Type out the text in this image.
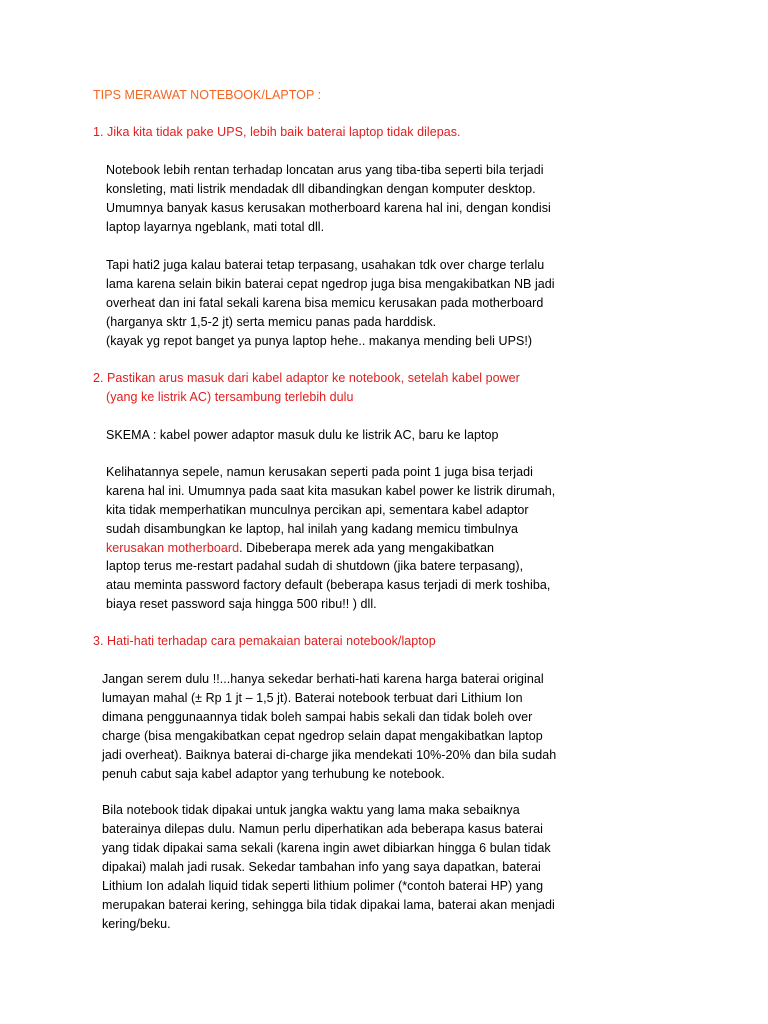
TIPS MERAWAT NOTEBOOK/LAPTOP :
1. Jika kita tidak pake UPS, lebih baik baterai laptop tidak dilepas.
Notebook lebih rentan terhadap loncatan arus yang tiba-tiba seperti bila terjadi
konsleting, mati listrik mendadak dll dibandingkan dengan komputer desktop.
Umumnya banyak kasus kerusakan motherboard karena hal ini, dengan kondisi
laptop layarnya ngeblank, mati total dll.
Tapi hati2 juga kalau baterai tetap terpasang, usahakan tdk over charge terlalu
lama karena selain bikin baterai cepat ngedrop juga bisa mengakibatkan NB jadi
overheat dan ini fatal sekali karena bisa memicu kerusakan pada motherboard
(harganya sktr 1,5-2 jt) serta memicu panas pada harddisk.
(kayak yg repot banget ya punya laptop hehe.. makanya mending beli UPS!)
2. Pastikan arus masuk dari kabel adaptor ke notebook, setelah kabel power
(yang ke listrik AC) tersambung terlebih dulu
SKEMA : kabel power adaptor masuk dulu ke listrik AC, baru ke laptop
Kelihatannya sepele, namun kerusakan seperti pada point 1 juga bisa terjadi
karena hal ini. Umumnya pada saat kita masukan kabel power ke listrik dirumah,
kita tidak memperhatikan munculnya percikan api, sementara kabel adaptor
sudah disambungkan ke laptop, hal inilah yang kadang memicu timbulnya
kerusakan motherboard. Dibeberapa merek ada yang mengakibatkan
laptop terus me-restart padahal sudah di shutdown (jika batere terpasang),
atau meminta password factory default (beberapa kasus terjadi di merk toshiba,
biaya reset password saja hingga 500 ribu!! ) dll.
3. Hati-hati terhadap cara pemakaian baterai notebook/laptop
Jangan serem dulu !!...hanya sekedar berhati-hati karena harga baterai original
lumayan mahal (± Rp 1 jt – 1,5 jt). Baterai notebook terbuat dari Lithium Ion
dimana penggunaannya tidak boleh sampai habis sekali dan tidak boleh over
charge (bisa mengakibatkan cepat ngedrop selain dapat mengakibatkan laptop
jadi overheat). Baiknya baterai di-charge jika mendekati 10%-20% dan bila sudah
penuh cabut saja kabel adaptor yang terhubung ke notebook.
Bila notebook tidak dipakai untuk jangka waktu yang lama maka sebaiknya
baterainya dilepas dulu. Namun perlu diperhatikan ada beberapa kasus baterai
yang tidak dipakai sama sekali (karena ingin awet dibiarkan hingga 6 bulan tidak
dipakai) malah jadi rusak. Sekedar tambahan info yang saya dapatkan, baterai
Lithium Ion adalah liquid tidak seperti lithium polimer (*contoh baterai HP) yang
merupakan baterai kering, sehingga bila tidak dipakai lama, baterai akan menjadi
kering/beku.
